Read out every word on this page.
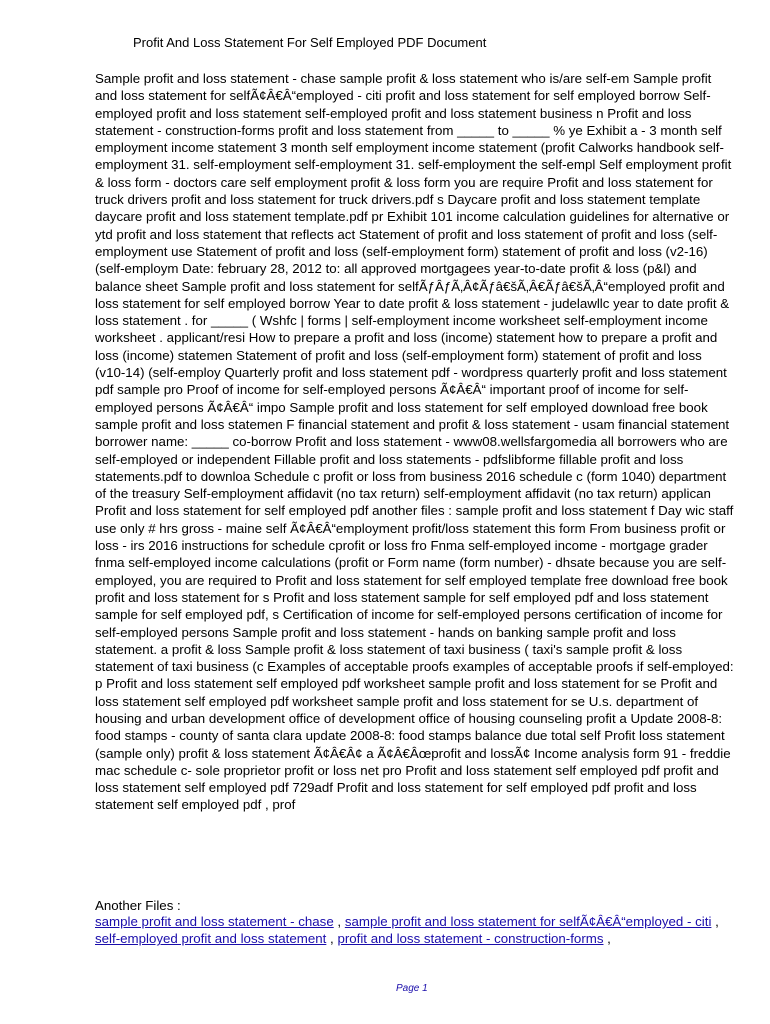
Profit And Loss Statement For Self Employed PDF Document

Sample profit and loss statement - chase sample profit & loss statement who is/are self-em Sample profit and loss statement for selfÃ¢Â€Â“employed - citi profit and loss statement for self employed borrow Self-employed profit and loss statement self-employed profit and loss statement business n Profit and loss statement - construction-forms profit and loss statement from _____ to _____ % ye Exhibit a - 3 month self employment income statement 3 month self employment income statement (profit Calworks handbook self-employment 31. self-employment self-employment 31. self-employment the self-empl Self employment profit & loss form - doctors care self employment profit & loss form you are require Profit and loss statement for truck drivers profit and loss statement for truck drivers.pdf s Daycare profit and loss statement template daycare profit and loss statement template.pdf pr Exhibit 101 income calculation guidelines for alternative or ytd profit and loss statement that reflects act Statement of profit and loss statement of profit and loss (self-employment use Statement of profit and loss (self-employment form) statement of profit and loss (v2-16) (self-employm Date: february 28, 2012 to: all approved mortgagees year-to-date profit & loss (p&l) and balance sheet Sample profit and loss statement for selfÃƒÂƒÃ‚Â¢Ãƒâ€šÃ‚Â€Ãƒâ€šÃ‚Â“employed profit and loss statement for self employed borrow Year to date profit & loss statement - judelawllc year to date profit & loss statement . for _____ ( Wshfc | forms | self-employment income worksheet self-employment income worksheet . applicant/resi How to prepare a profit and loss (income) statement how to prepare a profit and loss (income) statemen Statement of profit and loss (self-employment form) statement of profit and loss (v10-14) (self-employ Quarterly profit and loss statement pdf - wordpress quarterly profit and loss statement pdf sample pro Proof of income for self-employed persons Ã¢Â€Â“ important proof of income for self-employed persons Ã¢Â€Â“ impo Sample profit and loss statement for self employed download free book sample profit and loss statemen F financial statement and profit & loss statement - usam financial statement borrower name: _____ co-borrow Profit and loss statement - www08.wellsfargomedia all borrowers who are self-employed or independent Fillable profit and loss statements - pdfslibforme fillable profit and loss statements.pdf to downloa Schedule c profit or loss from business 2016 schedule c (form 1040) department of the treasury Self-employment affidavit (no tax return) self-employment affidavit (no tax return) applican Profit and loss statement for self employed pdf another files : sample profit and loss statement f Day wic staff use only # hrs gross - maine self Ã¢Â€Â“employment profit/loss statement this form From business profit or loss - irs 2016 instructions for schedule cprofit or loss fro Fnma self-employed income - mortgage grader fnma self-employed income calculations (profit or Form name (form number) - dhsate because you are self-employed, you are required to Profit and loss statement for self employed template free download free book profit and loss statement for s Profit and loss statement sample for self employed pdf and loss statement sample for self employed pdf, s Certification of income for self-employed persons certification of income for self-employed persons Sample profit and loss statement - hands on banking sample profit and loss statement. a profit & loss Sample profit & loss statement of taxi business ( taxi's sample profit & loss statement of taxi business (c Examples of acceptable proofs examples of acceptable proofs if self-employed: p Profit and loss statement self employed pdf worksheet sample profit and loss statement for se Profit and loss statement self employed pdf worksheet sample profit and loss statement for se U.s. department of housing and urban development office of development office of housing counseling profit a Update 2008-8: food stamps - county of santa clara update 2008-8: food stamps balance due total self Profit loss statement (sample only) profit & loss statement Ã¢Â€Â¢ a Ã¢Â€Âœprofit and lossÃ¢ Income analysis form 91 - freddie mac schedule c- sole proprietor profit or loss net pro Profit and loss statement self employed pdf profit and loss statement self employed pdf 729adf Profit and loss statement for self employed pdf profit and loss statement self employed pdf , prof

Another Files :
sample profit and loss statement - chase , sample profit and loss statement for selfÃ¢Â€Â“employed - citi , self-employed profit and loss statement , profit and loss statement - construction-forms ,
Page 1
